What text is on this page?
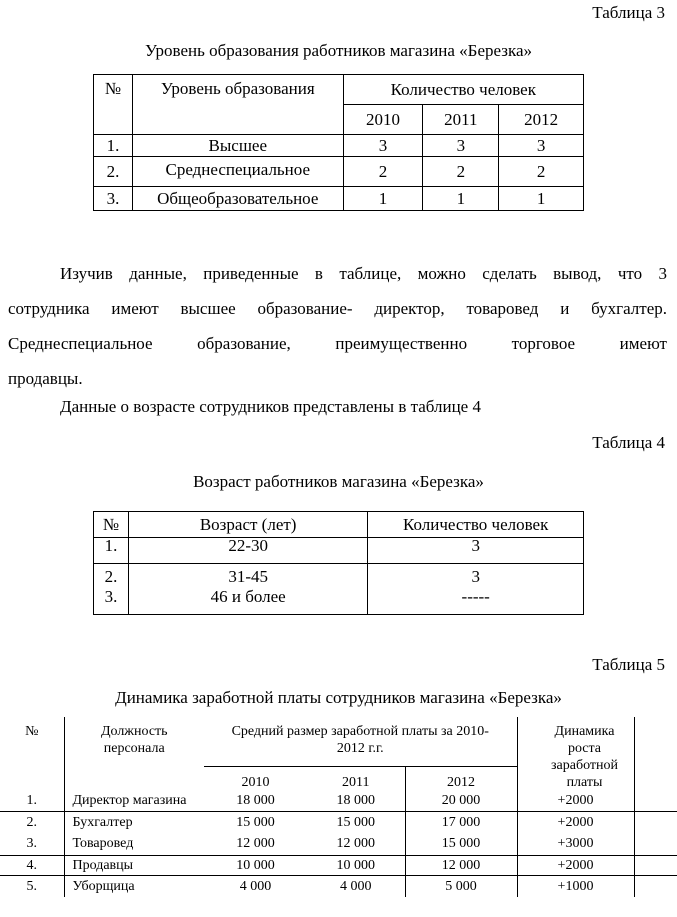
Таблица 3
Уровень образования работников магазина «Березка»
№	Уровень образования	Количество человек		
		2010	2011	2012
1.	Высшее	3	3	3
2.	Среднеспециальное	2	2	2
3.	Общеобразовательное	1	1	1
Изучив данные, приведенные в таблице, можно сделать вывод, что 3
сотрудника имеют высшее образование- директор, товаровед и бухгалтер.
Среднеспециальное образование, преимущественно торговое имеют
продавцы.
Данные о возрасте сотрудников представлены в таблице 4
Таблица 4
Возраст работников магазина «Березка»
№	Возраст (лет)	Количество человек
1.	22-30	3
2.	31-45	3
3.	46 и более	-----
Таблица 5
Динамика заработной платы сотрудников магазина «Березка»
№	Должность персонала	Средний размер заработной платы за 2010-2012 г.г.			Динамика роста заработной платы	
		2010	2011	2012		
1.	Директор магазина	18 000	18 000	20 000	+2000	
2.	Бухгалтер	15 000	15 000	17 000	+2000	
3.	Товаровед	12 000	12 000	15 000	+3000	
4.	Продавцы	10 000	10 000	12 000	+2000	
5.	Уборщица	4 000	4 000	5 000	+1000	
